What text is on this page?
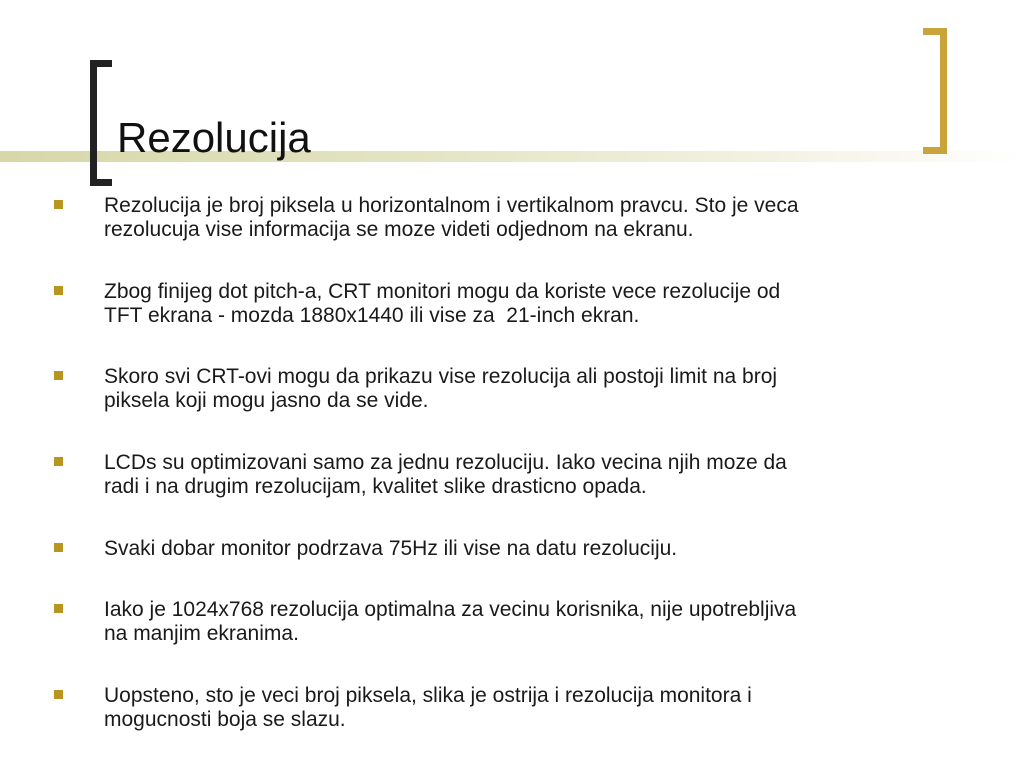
Rezolucija
Rezolucija je broj piksela u horizontalnom i vertikalnom pravcu. Sto je veca
rezolucuja vise informacija se moze videti odjednom na ekranu.
Zbog finijeg dot pitch-a, CRT monitori mogu da koriste vece rezolucije od
TFT ekrana - mozda 1880x1440 ili vise za  21-inch ekran.
Skoro svi CRT-ovi mogu da prikazu vise rezolucija ali postoji limit na broj
piksela koji mogu jasno da se vide.
LCDs su optimizovani samo za jednu rezoluciju. Iako vecina njih moze da
radi i na drugim rezolucijam, kvalitet slike drasticno opada.
Svaki dobar monitor podrzava 75Hz ili vise na datu rezoluciju.
Iako je 1024x768 rezolucija optimalna za vecinu korisnika, nije upotrebljiva
na manjim ekranima.
Uopsteno, sto je veci broj piksela, slika je ostrija i rezolucija monitora i
mogucnosti boja se slazu.
